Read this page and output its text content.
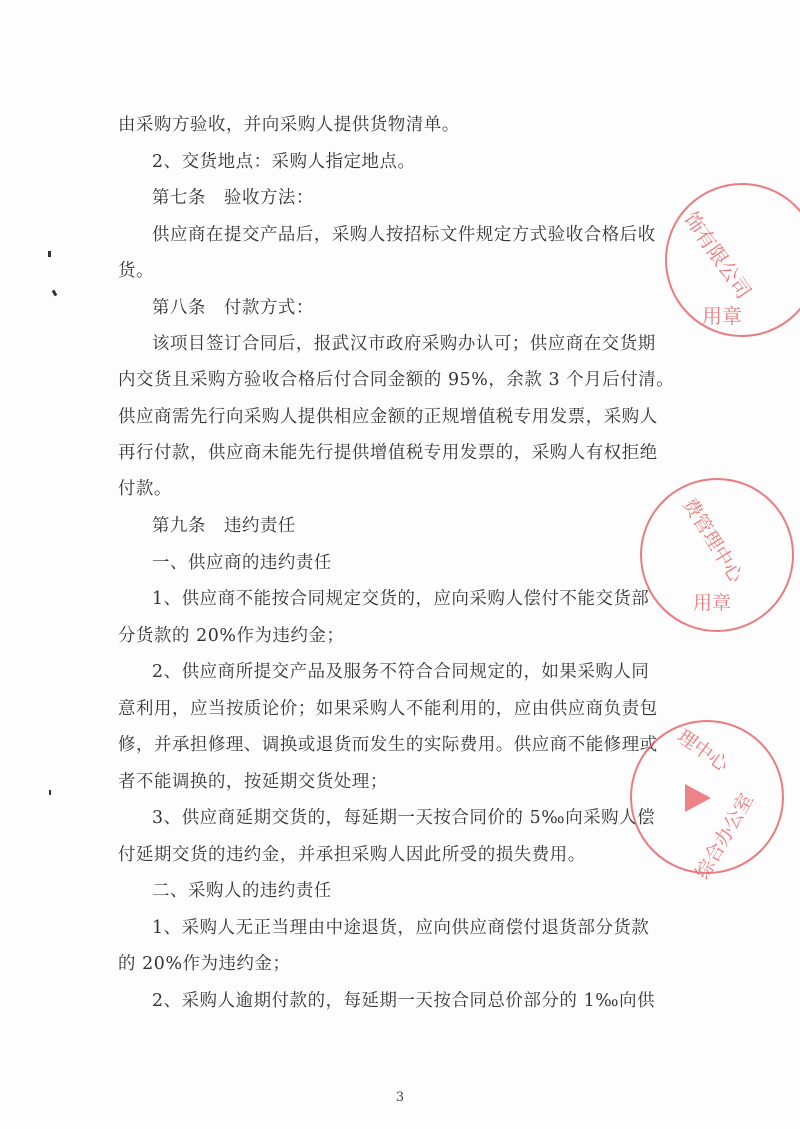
由采购方验收，并向采购人提供货物清单。
2、交货地点：采购人指定地点。
第七条　验收方法：
供应商在提交产品后，采购人按招标文件规定方式验收合格后收
货。
第八条　付款方式：
该项目签订合同后，报武汉市政府采购办认可；供应商在交货期
内交货且采购方验收合格后付合同金额的 95%，余款 3 个月后付清。
供应商需先行向采购人提供相应金额的正规增值税专用发票，采购人
再行付款，供应商未能先行提供增值税专用发票的，采购人有权拒绝
付款。
第九条　违约责任
一、供应商的违约责任
1、供应商不能按合同规定交货的，应向采购人偿付不能交货部
分货款的 20%作为违约金；
2、供应商所提交产品及服务不符合合同规定的，如果采购人同
意利用，应当按质论价；如果采购人不能利用的，应由供应商负责包
修，并承担修理、调换或退货而发生的实际费用。供应商不能修理或
者不能调换的，按延期交货处理；
3、供应商延期交货的，每延期一天按合同价的 5‰向采购人偿
付延期交货的违约金，并承担采购人因此所受的损失费用。
二、采购人的违约责任
1、采购人无正当理由中途退货，应向供应商偿付退货部分货款
的 20%作为违约金；
2、采购人逾期付款的，每延期一天按合同总价部分的 1‰向供
3
饰有限公司
用章
费管理中心
用章
理中心
综合办公室
